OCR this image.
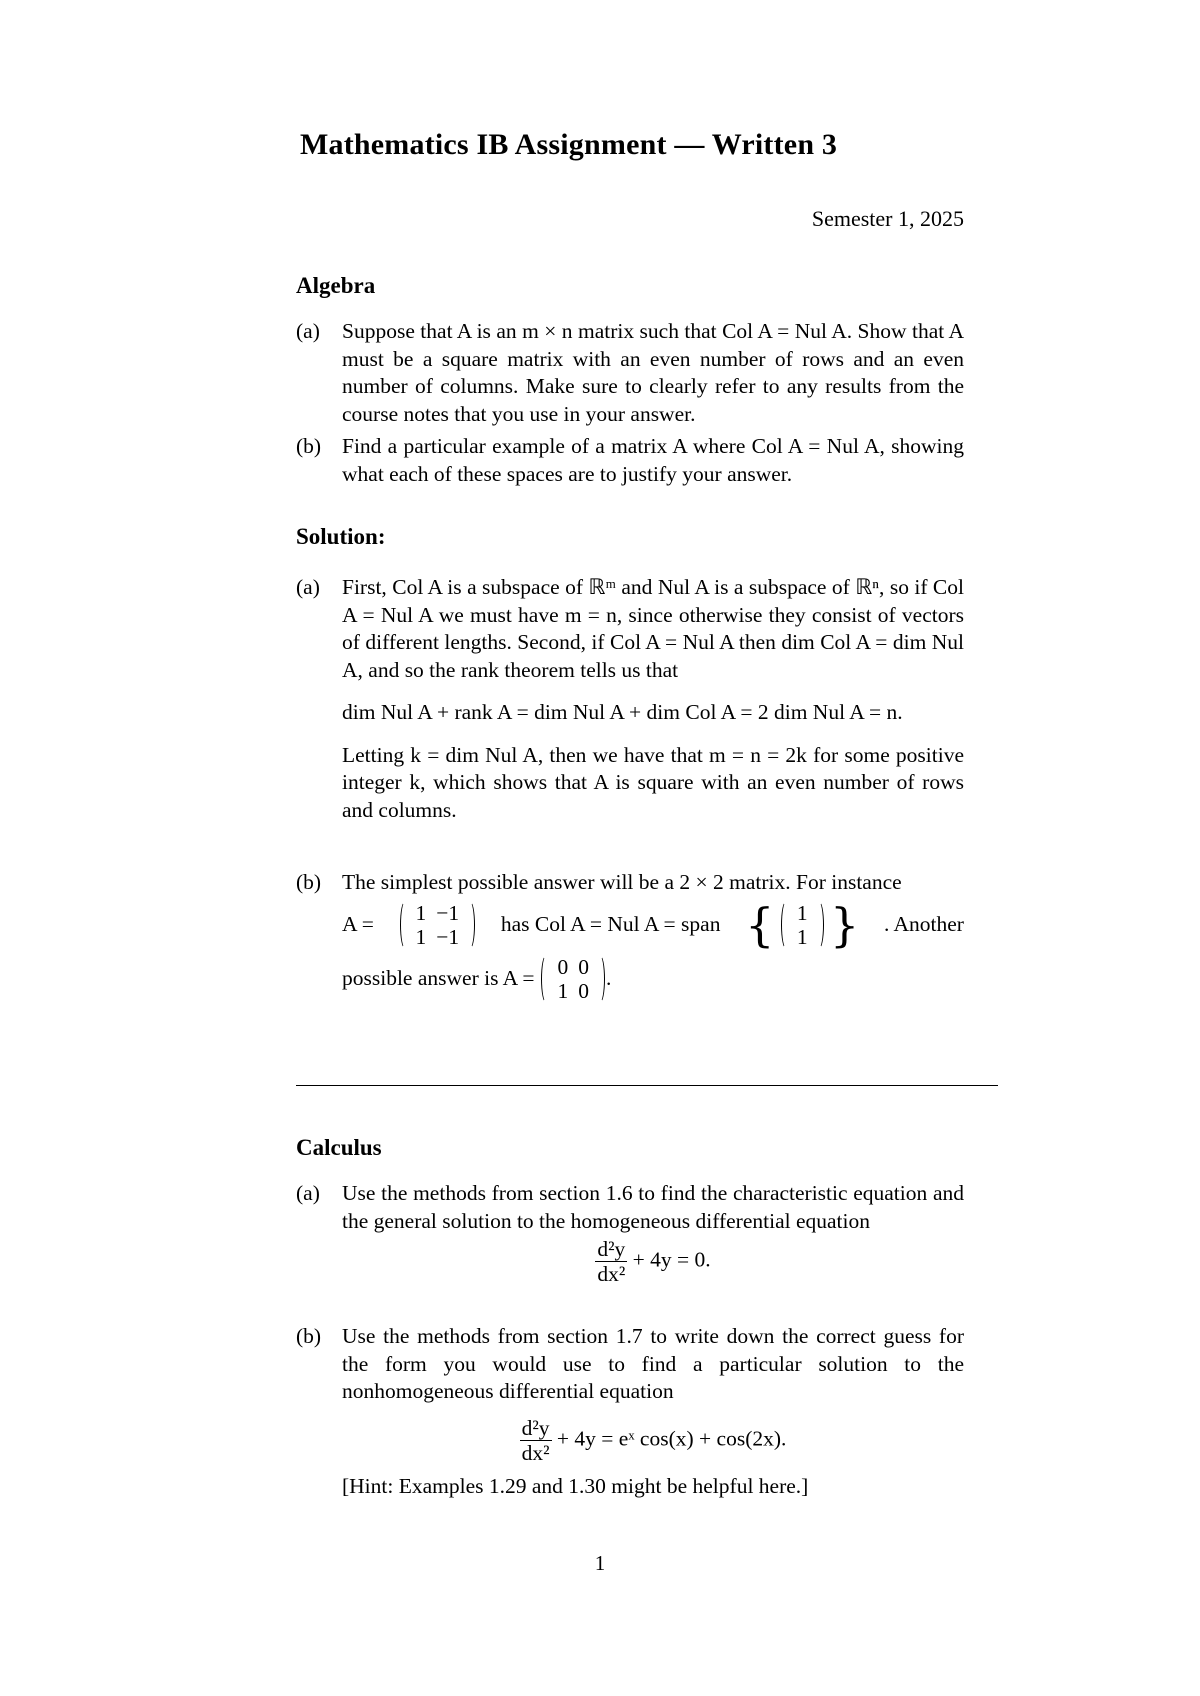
Mathematics IB Assignment — Written 3
Semester 1, 2025
Algebra
(a)	Suppose that A is an m × n matrix such that Col A = Nul A. Show that A must be a square matrix with an even number of rows and an even number of columns. Make sure to clearly refer to any results from the course notes that you use in your answer.
(b) Find a particular example of a matrix A where Col A = Nul A, showing what each of these spaces are to justify your answer.
Solution:
(a)	First, Col A is a subspace of ℝᵐ and Nul A is a subspace of ℝⁿ, so if Col A = Nul A we must have m = n, since otherwise they consist of vectors of different lengths. Second, if Col A = Nul A then dim Col A = dim Nul A, and so the rank theorem tells us that
dim Nul A + rank A = dim Nul A + dim Col A = 2 dim Nul A = n.
Letting k = dim Nul A, then we have that m = n = 2k for some positive integer k, which shows that A is square with an even number of rows and columns.
(b) The simplest possible answer will be a 2 × 2 matrix. For instance
A = 1	−1
1	−1
has Col A = Nul A = span { 1
1 } . Another
possible answer is A = 0	0
1	0
.
Calculus
(a)	Use the methods from section 1.6 to find the characteristic equation and the general solution to the homogeneous differential equation
$\frac{\text{d²y}}{\text{dx²}} + 4y = 0$.
(b) Use the methods from section 1.7 to write down the correct guess for the form you would use to find a particular solution to the nonhomogeneous differential equation
$\frac{\text{d²y}}{\text{dx²}} + 4y$ = eˣ cos(x) + cos(2x).
[Hint: Examples 1.29 and 1.30 might be helpful here.]
1
